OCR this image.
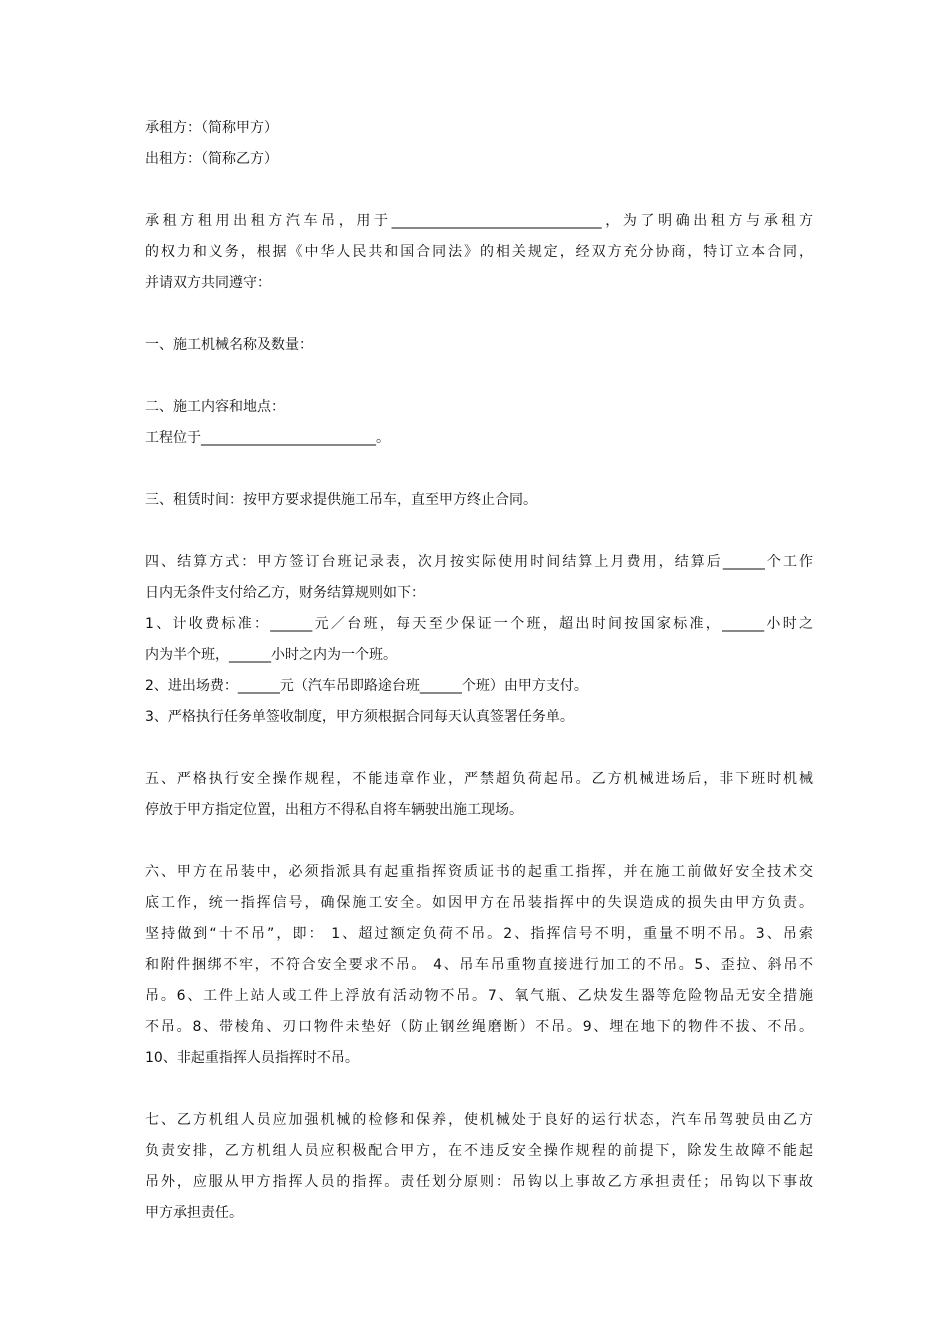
承租方：（简称甲方）
出租方：（简称乙方）
承租方租用出租方汽车吊，用于______________________________，为了明确出租方与承租方
的权力和义务，根据《中华人民共和国合同法》的相关规定，经双方充分协商，特订立本合同，
并请双方共同遵守：
一、施工机械名称及数量：
二、施工内容和地点：
工程位于_________________________。
三、租赁时间：按甲方要求提供施工吊车，直至甲方终止合同。
四、结算方式：甲方签订台班记录表，次月按实际使用时间结算上月费用，结算后______个工作
日内无条件支付给乙方，财务结算规则如下：
1、计收费标准：______元／台班，每天至少保证一个班，超出时间按国家标准，______小时之
内为半个班，______小时之内为一个班。
2、进出场费：______元（汽车吊即路途台班______个班）由甲方支付。
3、严格执行任务单签收制度，甲方须根据合同每天认真签署任务单。
五、严格执行安全操作规程，不能违章作业，严禁超负荷起吊。乙方机械进场后，非下班时机械
停放于甲方指定位置，出租方不得私自将车辆驶出施工现场。
六、甲方在吊装中，必须指派具有起重指挥资质证书的起重工指挥，并在施工前做好安全技术交
底工作，统一指挥信号，确保施工安全。如因甲方在吊装指挥中的失误造成的损失由甲方负责。
坚持做到“十不吊”，即： 1、超过额定负荷不吊。2、指挥信号不明，重量不明不吊。3、吊索
和附件捆绑不牢，不符合安全要求不吊。 4、吊车吊重物直接进行加工的不吊。5、歪拉、斜吊不
吊。6、工件上站人或工件上浮放有活动物不吊。7、氧气瓶、乙炔发生器等危险物品无安全措施
不吊。8、带棱角、刃口物件未垫好（防止钢丝绳磨断）不吊。9、埋在地下的物件不拔、不吊。
10、非起重指挥人员指挥时不吊。
七、乙方机组人员应加强机械的检修和保养，使机械处于良好的运行状态，汽车吊驾驶员由乙方
负责安排，乙方机组人员应积极配合甲方，在不违反安全操作规程的前提下，除发生故障不能起
吊外，应服从甲方指挥人员的指挥。责任划分原则：吊钩以上事故乙方承担责任；吊钩以下事故
甲方承担责任。
